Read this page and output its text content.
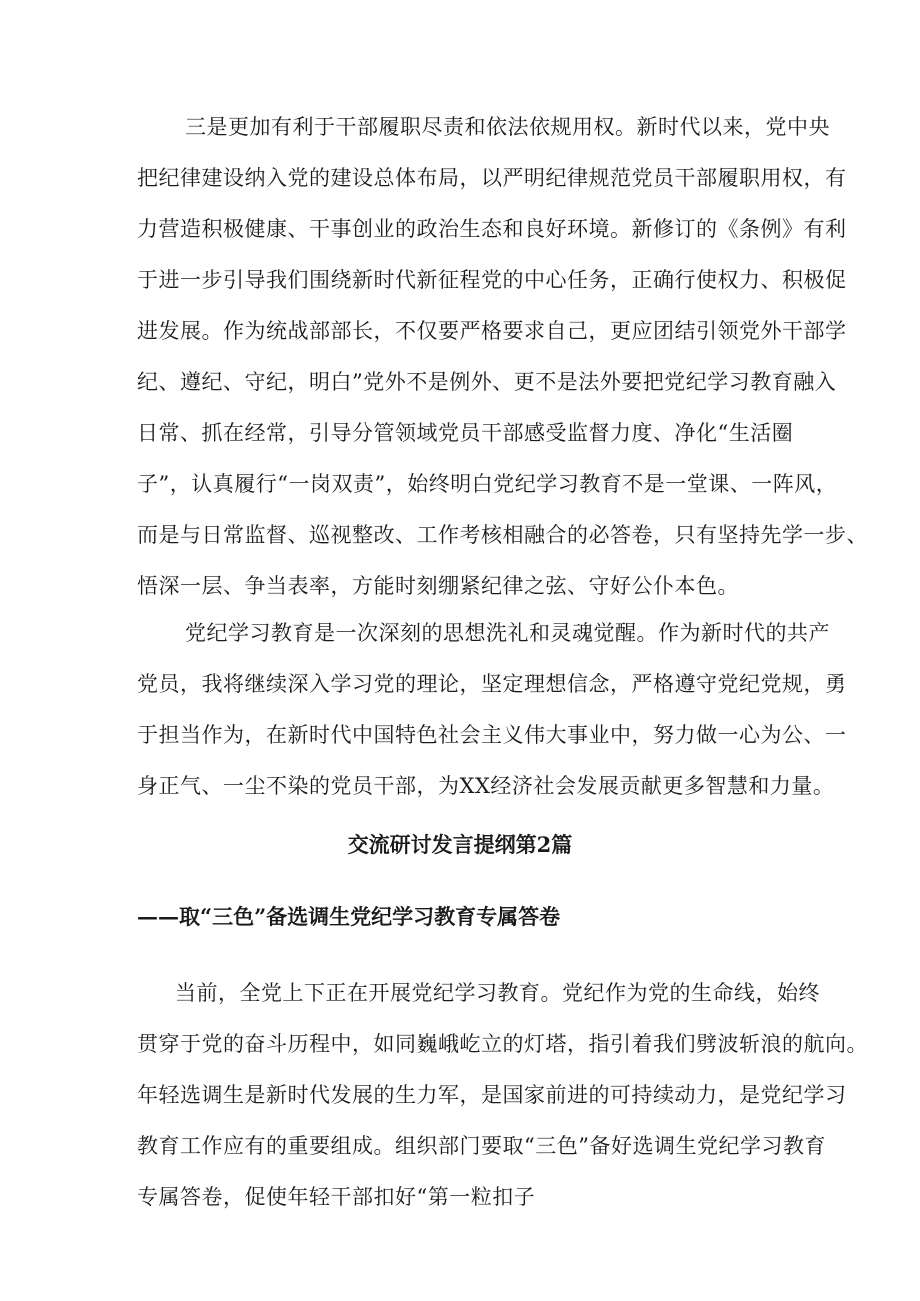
三是更加有利于干部履职尽责和依法依规用权。新时代以来，党中央
把纪律建设纳入党的建设总体布局，以严明纪律规范党员干部履职用权，有
力营造积极健康、干事创业的政治生态和良好环境。新修订的《条例》有利
于进一步引导我们围绕新时代新征程党的中心任务，正确行使权力、积极促
进发展。作为统战部部长，不仅要严格要求自己，更应团结引领党外干部学
纪、遵纪、守纪，明白”党外不是例外、更不是法外要把党纪学习教育融入
日常、抓在经常，引导分管领域党员干部感受监督力度、净化“生活圈
子”，认真履行“一岗双责”，始终明白党纪学习教育不是一堂课、一阵风，
而是与日常监督、巡视整改、工作考核相融合的必答卷，只有坚持先学一步、
悟深一层、争当表率，方能时刻绷紧纪律之弦、守好公仆本色。
党纪学习教育是一次深刻的思想洗礼和灵魂觉醒。作为新时代的共产
党员，我将继续深入学习党的理论，坚定理想信念，严格遵守党纪党规，勇
于担当作为，在新时代中国特色社会主义伟大事业中，努力做一心为公、一
身正气、一尘不染的党员干部，为XX经济社会发展贡献更多智慧和力量。
交流研讨发言提纲第2篇
——取“三色”备选调生党纪学习教育专属答卷
当前，全党上下正在开展党纪学习教育。党纪作为党的生命线，始终
贯穿于党的奋斗历程中，如同巍峨屹立的灯塔，指引着我们劈波斩浪的航向。
年轻选调生是新时代发展的生力军，是国家前进的可持续动力，是党纪学习
教育工作应有的重要组成。组织部门要取“三色”备好选调生党纪学习教育
专属答卷，促使年轻干部扣好“第一粒扣子
